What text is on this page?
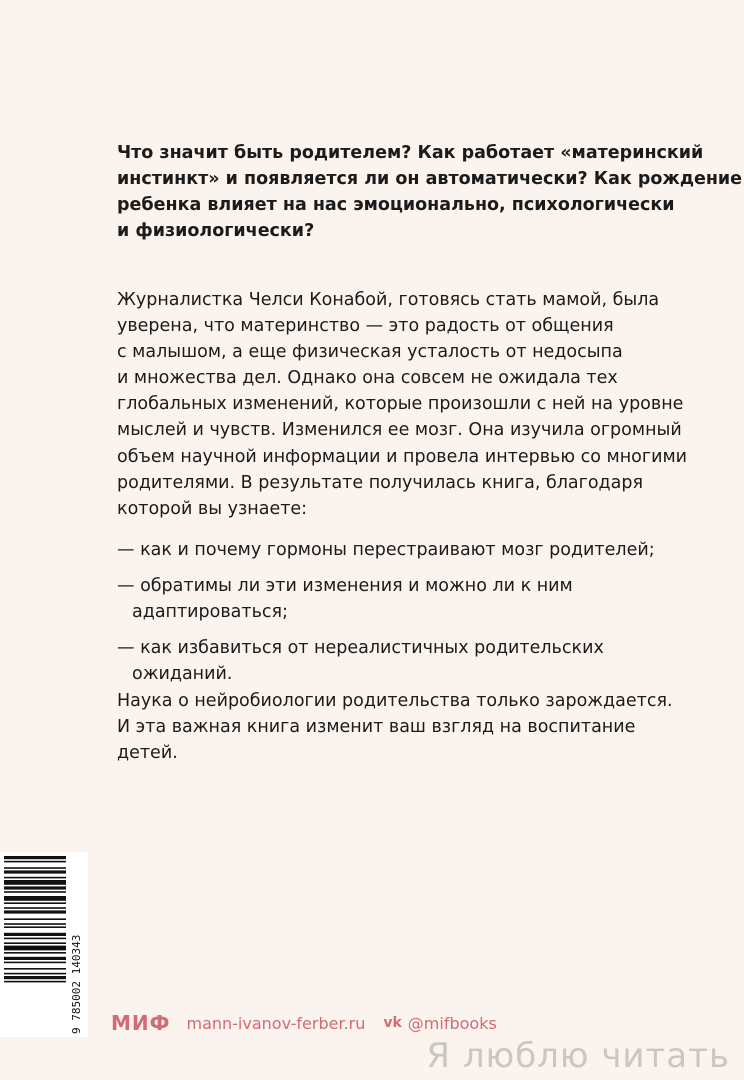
Что значит быть родителем? Как работает «материнский
инстинкт» и появляется ли он автоматически? Как рождение
ребенка влияет на нас эмоционально, психологически
и физиологически?
Журналистка Челси Конабой, готовясь стать мамой, была
уверена, что материнство — это радость от общения
с малышом, а еще физическая усталость от недосыпа
и множества дел. Однако она совсем не ожидала тех
глобальных изменений, которые произошли с ней на уровне
мыслей и чувств. Изменился ее мозг. Она изучила огромный
объем научной информации и провела интервью со многими
родителями. В результате получилась книга, благодаря
которой вы узнаете:
— как и почему гормоны перестраивают мозг родителей;
— обратимы ли эти изменения и можно ли к ним
адаптироваться;
— как избавиться от нереалистичных родительских
ожиданий.
Наука о нейробиологии родительства только зарождается.
И эта важная книга изменит ваш взгляд на воспитание
детей.
9 785002 140343 МИФ mann-ivanov-ferber.ru vk @mifbooks
Я люблю читать
